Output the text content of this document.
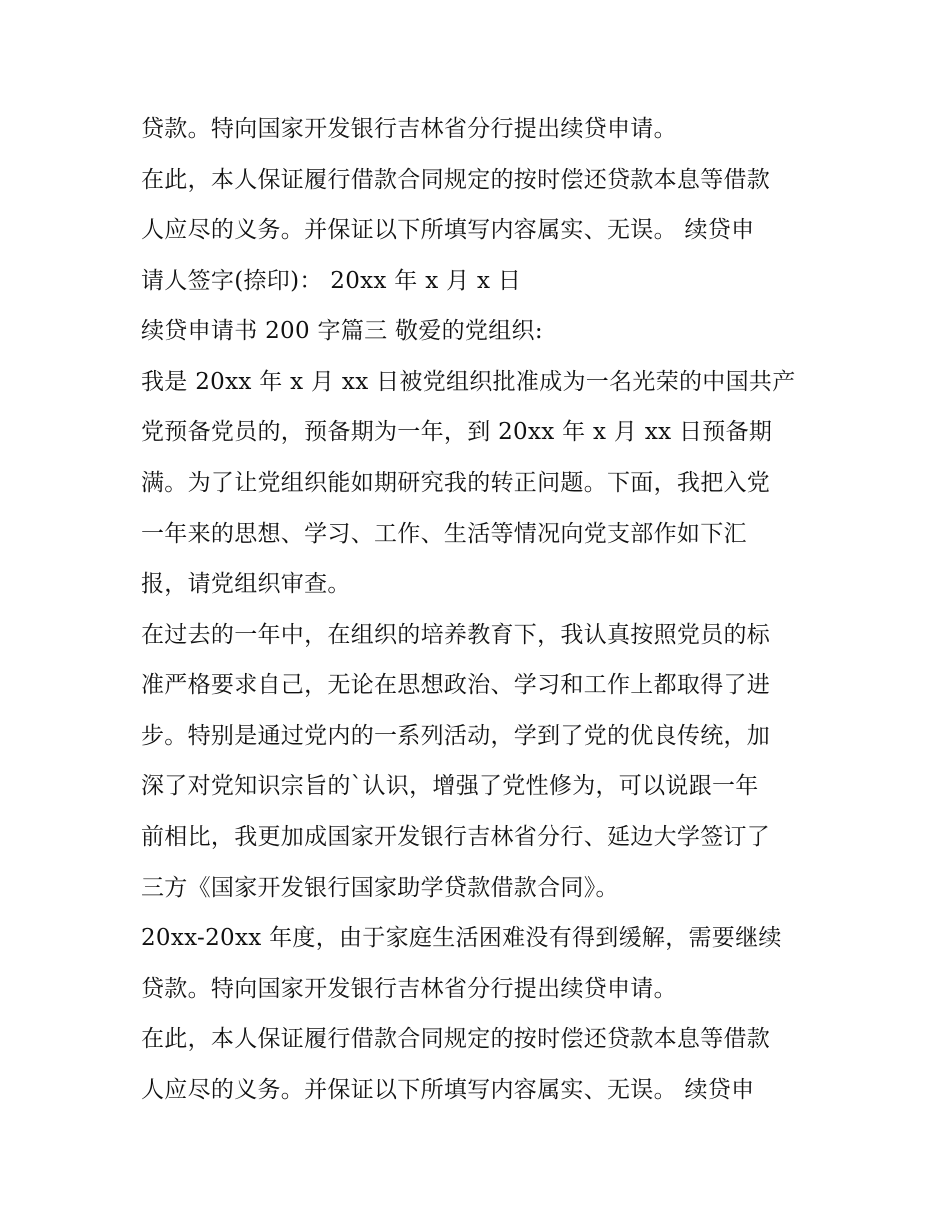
贷款。特向国家开发银行吉林省分行提出续贷申请。
在此，本人保证履行借款合同规定的按时偿还贷款本息等借款
人应尽的义务。并保证以下所填写内容属实、无误。 续贷申
请人签字(捺印)： 20xx 年 x 月 x 日
续贷申请书 200 字篇三 敬爱的党组织:
我是 20xx 年 x 月 xx 日被党组织批准成为一名光荣的中国共产
党预备党员的，预备期为一年，到 20xx 年 x 月 xx 日预备期
满。为了让党组织能如期研究我的转正问题。下面，我把入党
一年来的思想、学习、工作、生活等情况向党支部作如下汇
报，请党组织审查。
在过去的一年中，在组织的培养教育下，我认真按照党员的标
准严格要求自己，无论在思想政治、学习和工作上都取得了进
步。特别是通过党内的一系列活动，学到了党的优良传统，加
深了对党知识宗旨的`认识，增强了党性修为，可以说跟一年
前相比，我更加成国家开发银行吉林省分行、延边大学签订了
三方《国家开发银行国家助学贷款借款合同》。
20xx-20xx 年度，由于家庭生活困难没有得到缓解，需要继续
贷款。特向国家开发银行吉林省分行提出续贷申请。
在此，本人保证履行借款合同规定的按时偿还贷款本息等借款
人应尽的义务。并保证以下所填写内容属实、无误。 续贷申
